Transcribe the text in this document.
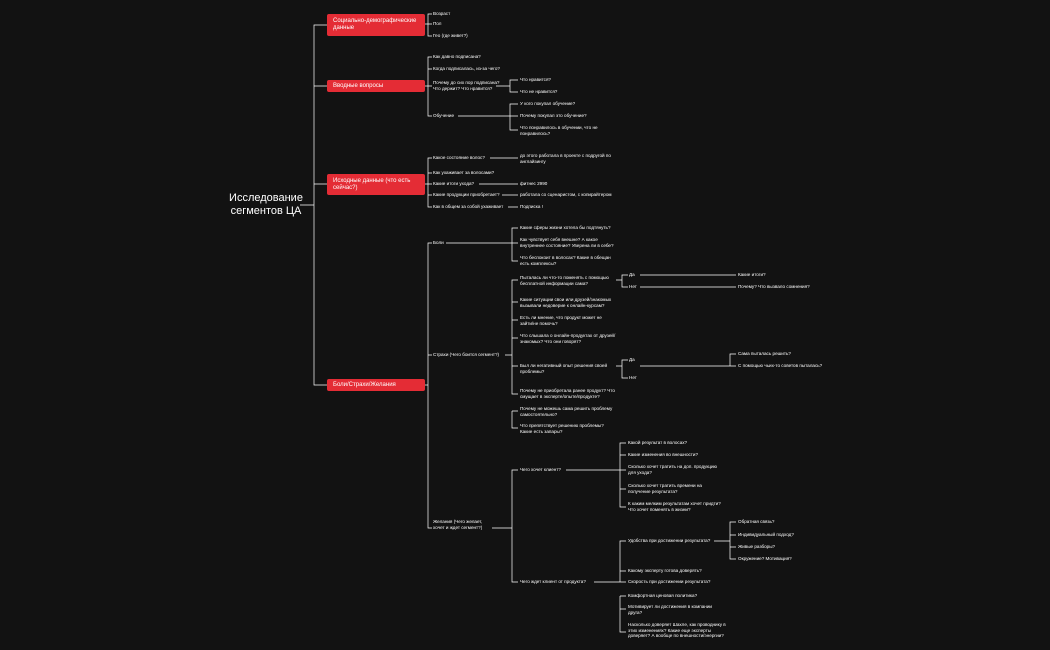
Исследование сегментов ЦА
Социально-демографические данные
Вводные вопросы
Исходные данные (что есть сейчас?)
Боли/Страхи/Желания
Возраст
Пол
Гео (где живет?)
Как давно подписана?
Когда подписалась, из-за чего?
Почему до сих пор подписана? Что держит? Что нравится?
Обучение
Что нравится?
Что не нравится?
У кого покупал обучение?
Почему покупал это обучение?
Что понравилось в обучении, что не понравилось?
Какое состояние волос?
Как ухаживает за волосами?
Какие итоги ухода?
Какие продукции приобретает?
Как в общем за собой ухаживает
до этого работала в проекте с подругой по англайзингу
фитнес 2990
работала со сценаристом, с копирайтером
Подписка !
Боли
Страхи (Чего боится сегмент?)
Желания (Чего желает, хочет и ждет сегмент?)
Какие сферы жизни хотела бы подтянуть?
Как чувствует себя внешне? А какое внутреннее состояние? Уверена ли в себе?
Что беспокоит в волосах? Какие в обещан есть комплексы?
Пыталась ли что-то поменять с помощью бесплатной информации сама?
Какие ситуации свои или друзей/знакомых вызывали недоверие к онлайн-курсам?
Есть ли мнение, что продукт может не зайти/не помочь?
Что слышала о онлайн-продуктах от друзей/знакомых? Что они говорят?
Был ли негативный опыт решения своей проблемы?
Почему не приобретала ранее продукт? Что смущает в эксперте/опыте/продукте?
Почему не можешь сама решить проблему самостоятельно?
Что препятствует решению проблемы? Какие есть запары?
Да
Нет
Да
Нет
Какие итоги?
Почему? Что вызвало сомнения?
Сама пыталась решить?
С помощью чьих-то советов пыталась?
Чего хочет клиент?
Чего ждет клиент от продукта?
Какой результат в волосах?
Какие изменения во внешности?
Сколько хочет тратить на доп. продукцию для ухода?
Сколько хочет тратить времени на получение результата?
К каким мелким результатам хочет придти? Что хочет поменять в жизни?
Удобства при достижении результата?
Какому эксперту готова доверять?
Скорость при достижении результата?
Комфортная ценовая политика?
Мотивирует ли достижения в компании друга?
Насколько доверяет Шахле, как проводнику в этих изменениях? Какие еще эксперты доверяет? А вообще по внешности/энергии?
Обратная связь?
Индивидуальный подход?
Живые разборы?
Окружение? Мотивация?
